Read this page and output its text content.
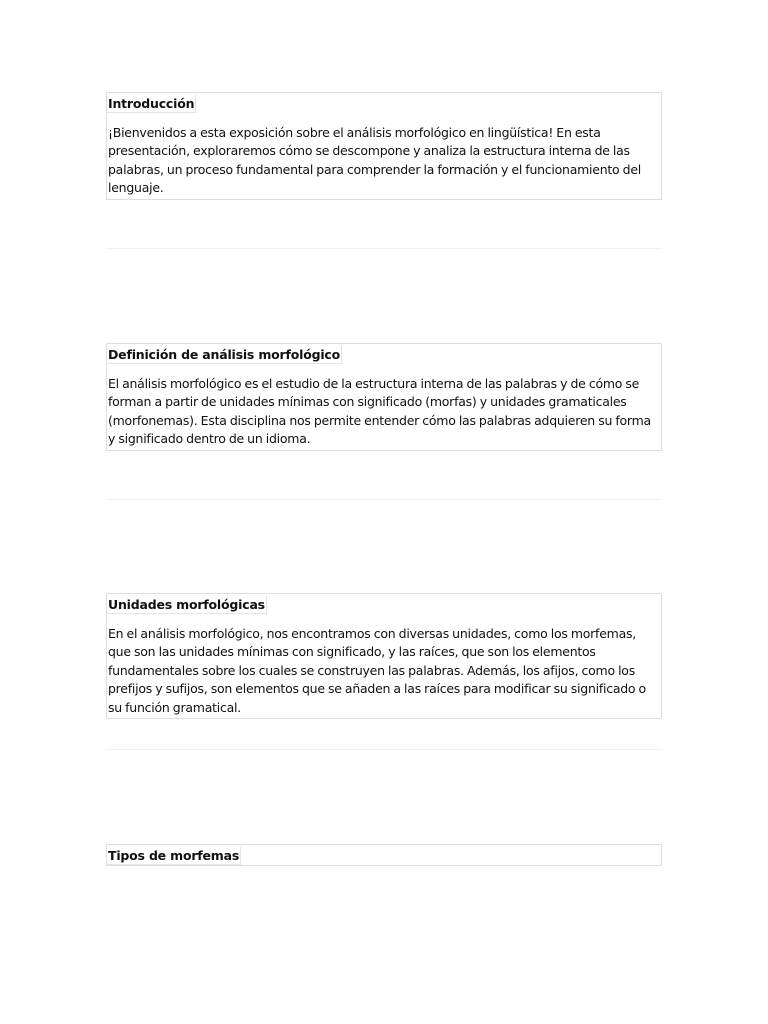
Introducción
¡Bienvenidos a esta exposición sobre el análisis morfológico en lingüística! En esta presentación, exploraremos cómo se descompone y analiza la estructura interna de las palabras, un proceso fundamental para comprender la formación y el funcionamiento del lenguaje.
Definición de análisis morfológico
El análisis morfológico es el estudio de la estructura interna de las palabras y de cómo se forman a partir de unidades mínimas con significado (morfas) y unidades gramaticales (morfonemas). Esta disciplina nos permite entender cómo las palabras adquieren su forma y significado dentro de un idioma.
Unidades morfológicas
En el análisis morfológico, nos encontramos con diversas unidades, como los morfemas, que son las unidades mínimas con significado, y las raíces, que son los elementos fundamentales sobre los cuales se construyen las palabras. Además, los afijos, como los prefijos y sufijos, son elementos que se añaden a las raíces para modificar su significado o su función gramatical.
Tipos de morfemas
